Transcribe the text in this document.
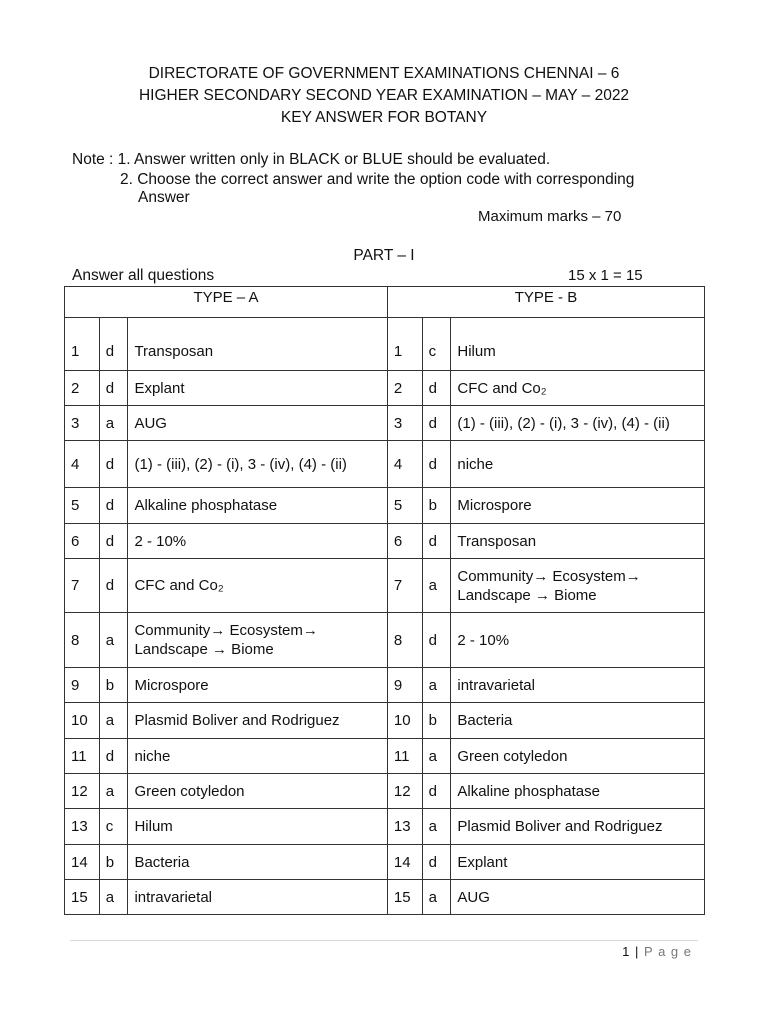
DIRECTORATE OF GOVERNMENT EXAMINATIONS CHENNAI – 6
HIGHER SECONDARY SECOND YEAR EXAMINATION – MAY – 2022
KEY ANSWER FOR BOTANY
Note : 1. Answer written only in BLACK or BLUE should be evaluated.
2. Choose the correct answer and write the option code with corresponding
Answer
Maximum marks – 70
PART – I
Answer all questions	15 x 1 = 15
TYPE – A			TYPE - B		
1	d	Transposan	1	c	Hilum
2	d	Explant	2	d	CFC and Co₂
3	a	AUG	3	d	(1) - (iii), (2) - (i), 3 - (iv), (4) - (ii)
4	d	(1) - (iii), (2) - (i), 3 - (iv), (4) - (ii)	4	d	niche
5	d	Alkaline phosphatase	5	b	Microspore
6	d	2 - 10%	6	d	Transposan
7	d	CFC and Co₂	7	a	Community→ Ecosystem→ Landscape → Biome
8	a	Community→ Ecosystem→ Landscape → Biome	8	d	2 - 10%
9	b	Microspore	9	a	intravarietal
10	a	Plasmid Boliver and Rodriguez	10	b	Bacteria
11	d	niche	11	a	Green cotyledon
12	a	Green cotyledon	12	d	Alkaline phosphatase
13	c	Hilum	13	a	Plasmid Boliver and Rodriguez
14	b	Bacteria	14	d	Explant
15	a	intravarietal	15	a	AUG
1 | P a g e
